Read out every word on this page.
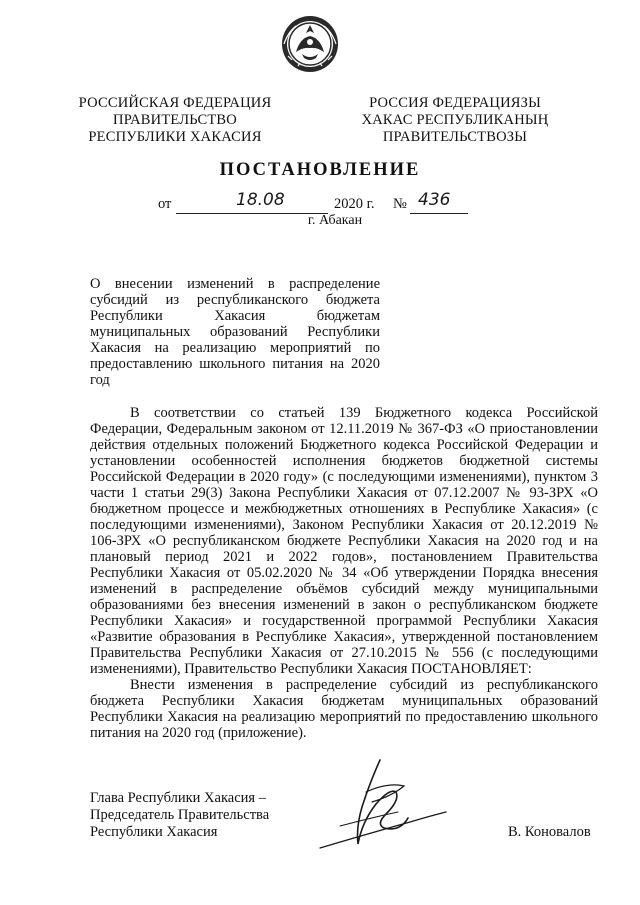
РОССИЙСКАЯ ФЕДЕРАЦИЯ
ПРАВИТЕЛЬСТВО
РЕСПУБЛИКИ ХАКАСИЯ
РОССИЯ ФЕДЕРАЦИЯЗЫ
ХАКАС РЕСПУБЛИКАНЫҢ
ПРАВИТЕЛЬСТВОЗЫ
ПОСТАНОВЛЕНИЕ
от	18.08	2020 г. № 436
г. Абакан
О внесении изменений в распределение субсидий из республиканского бюджета Республики Хакасия бюджетам муниципальных образований Республики Хакасия на реализацию мероприятий по предоставлению школьного питания на 2020 год

В соответствии со статьей 139 Бюджетного кодекса Российской Федерации, Федеральным законом от 12.11.2019 № 367-ФЗ «О приостановлении действия отдельных положений Бюджетного кодекса Российской Федерации и установлении особенностей исполнения бюджетов бюджетной системы Российской Федерации в 2020 году» (с последующими изменениями), пунктом 3 части 1 статьи 29(3) Закона Республики Хакасия от 07.12.2007 № 93-ЗРХ «О бюджетном процессе и межбюджетных отношениях в Республике Хакасия» (с последующими изменениями), Законом Республики Хакасия от 20.12.2019 № 106-ЗРХ «О республиканском бюджете Республики Хакасия на 2020 год и на плановый период 2021 и 2022 годов», постановлением Правительства Республики Хакасия от 05.02.2020 № 34 «Об утверждении Порядка внесения изменений в распределение объёмов субсидий между муниципальными образованиями без внесения изменений в закон о республиканском бюджете Республики Хакасия» и государственной программой Республики Хакасия «Развитие образования в Республике Хакасия», утвержденной постановлением Правительства Республики Хакасия от 27.10.2015 № 556 (с последующими изменениями), Правительство Республики Хакасия ПОСТАНОВЛЯЕТ:

Внести изменения в распределение субсидий из республиканского бюджета Республики Хакасия бюджетам муниципальных образований Республики Хакасия на реализацию мероприятий по предоставлению школьного питания на 2020 год (приложение).

Глава Республики Хакасия –
Председатель Правительства
Республики Хакасия	В. Коновалов
